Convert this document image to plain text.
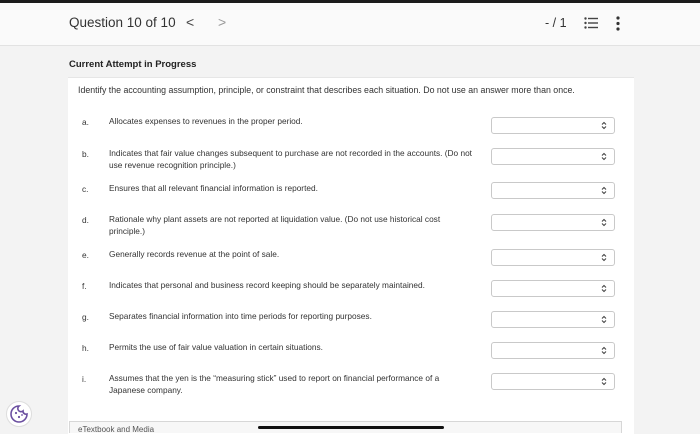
Question 10 of 10 < >	- / 1
Current Attempt in Progress
Identify the accounting assumption, principle, or constraint that describes each situation. Do not use an answer more than once.
a. Allocates expenses to revenues in the proper period.
b. Indicates that fair value changes subsequent to purchase are not recorded in the accounts. (Do not use revenue recognition principle.)
c. Ensures that all relevant financial information is reported.
d. Rationale why plant assets are not reported at liquidation value. (Do not use historical cost principle.)
e. Generally records revenue at the point of sale.
f.	Indicates that personal and business record keeping should be separately maintained.
g. Separates financial information into time periods for reporting purposes.
h. Permits the use of fair value valuation in certain situations.
i.	Assumes that the yen is the “measuring stick” used to report on financial performance of a Japanese company.
eTextbook and Media
